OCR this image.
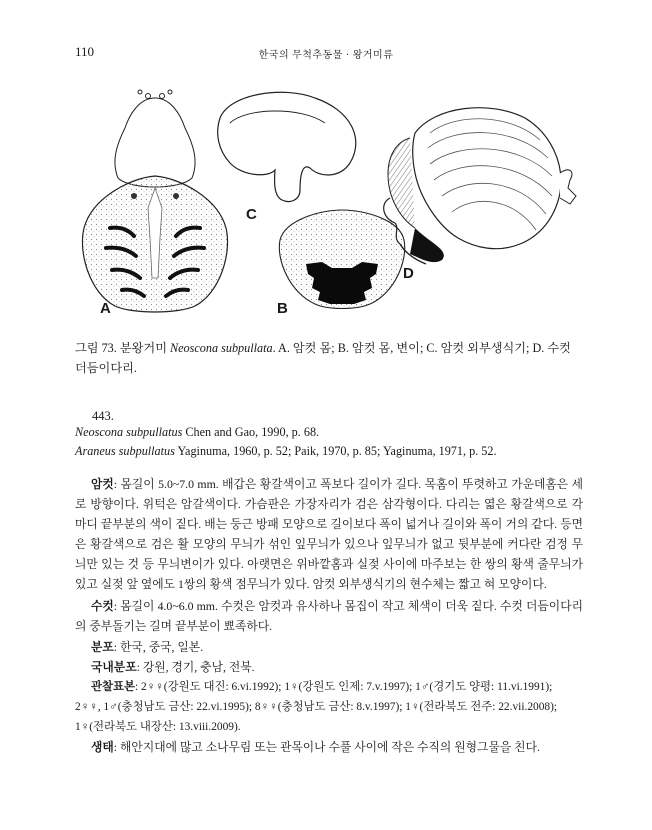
110	한국의 무척추동물 · 왕거미류
A	B
C
D
그림 73. 분왕거미 Neoscona subpullata. A. 암컷 몸; B. 암컷 몸, 변이; C. 암컷 외부생식기; D. 수컷 더듬이다리.
443.
Neoscona subpullatus Chen and Gao, 1990, p. 68.
Araneus subpullatus Yaginuma, 1960, p. 52; Paik, 1970, p. 85; Yaginuma, 1971, p. 52.
암컷: 몸길이 5.0~7.0 mm. 배갑은 황갈색이고 폭보다 길이가 길다. 목홈이 뚜렷하고 가운데홈은 세로 방향이다. 위턱은 암갈색이다. 가슴판은 가장자리가 검은 삼각형이다. 다리는 엷은 황갈색으로 각 마디 끝부분의 색이 짙다. 배는 둥근 방패 모양으로 길이보다 폭이 넓거나 길이와 폭이 거의 같다. 등면은 황갈색으로 검은 활 모양의 무늬가 섞인 잎무늬가 있으나 잎무늬가 없고 뒷부분에 커다란 검정 무늬만 있는 것 등 무늬변이가 있다. 아랫면은 위바깥홈과 실젖 사이에 마주보는 한 쌍의 황색 줄무늬가 있고 실젖 앞 옆에도 1쌍의 황색 점무늬가 있다. 암컷 외부생식기의 현수체는 짧고 혀 모양이다.
수컷: 몸길이 4.0~6.0 mm. 수컷은 암컷과 유사하나 몸집이 작고 체색이 더욱 짙다. 수컷 더듬이다리의 중부돌기는 길며 끝부분이 뾰족하다.
분포: 한국, 중국, 일본.
국내분포: 강원, 경기, 충남, 전북.
관찰표본: 2♀♀(강원도 대진: 6.vi.1992); 1♀(강원도 인제: 7.v.1997); 1♂(경기도 양평: 11.vi.1991);
2♀♀, 1♂(충청남도 금산: 22.vi.1995); 8♀♀(충청남도 금산: 8.v.1997); 1♀(전라북도 전주: 22.vii.2008);
1♀(전라북도 내장산: 13.viii.2009).
생태: 해안지대에 많고 소나무림 또는 관목이나 수풀 사이에 작은 수직의 원형그물을 친다.
